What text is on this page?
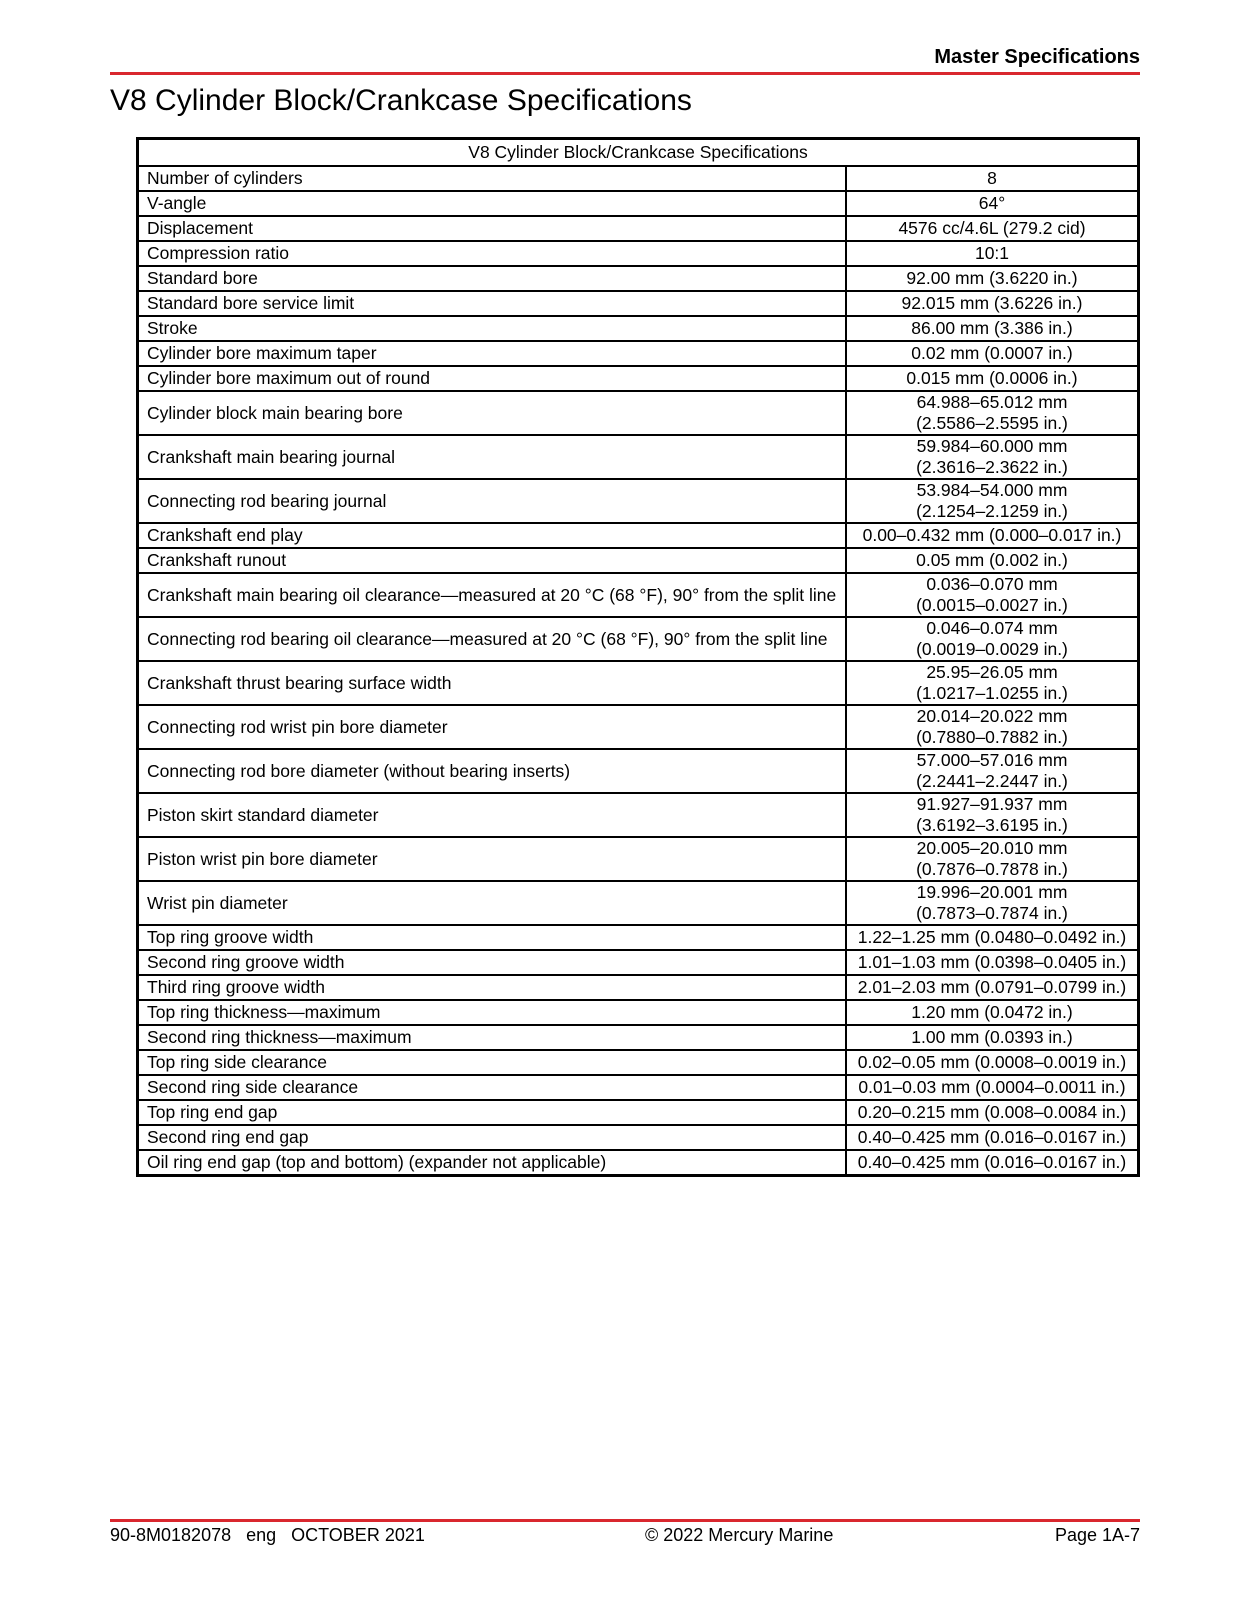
Master Specifications
V8 Cylinder Block/Crankcase Specifications
V8 Cylinder Block/Crankcase Specifications	
Number of cylinders	8

V-angle	64°

Displacement	4576 cc/4.6L (279.2 cid)

Compression ratio	10:1

Standard bore	92.00 mm (3.6220 in.)

Standard bore service limit	92.015 mm (3.6226 in.)

Stroke	86.00 mm (3.386 in.)

Cylinder bore maximum taper	0.02 mm (0.0007 in.)

Cylinder bore maximum out of round	0.015 mm (0.0006 in.)

Cylinder block main bearing bore	64.988–65.012 mm
(2.5586–2.5595 in.)

Crankshaft main bearing journal	59.984–60.000 mm
(2.3616–2.3622 in.)

Connecting rod bearing journal	53.984–54.000 mm
(2.1254–2.1259 in.)

Crankshaft end play	0.00–0.432 mm (0.000–0.017 in.)

Crankshaft runout	0.05 mm (0.002 in.)

Crankshaft main bearing oil clearance—measured at 20 °C (68 °F), 90° from the split line	0.036–0.070 mm
(0.0015–0.0027 in.)

Connecting rod bearing oil clearance—measured at 20 °C (68 °F), 90° from the split line	0.046–0.074 mm
(0.0019–0.0029 in.)

Crankshaft thrust bearing surface width	25.95–26.05 mm
(1.0217–1.0255 in.)

Connecting rod wrist pin bore diameter	20.014–20.022 mm
(0.7880–0.7882 in.)

Connecting rod bore diameter (without bearing inserts)	57.000–57.016 mm
(2.2441–2.2447 in.)

Piston skirt standard diameter	91.927–91.937 mm
(3.6192–3.6195 in.)

Piston wrist pin bore diameter	20.005–20.010 mm
(0.7876–0.7878 in.)

Wrist pin diameter	19.996–20.001 mm
(0.7873–0.7874 in.)

Top ring groove width	1.22–1.25 mm (0.0480–0.0492 in.)

Second ring groove width	1.01–1.03 mm (0.0398–0.0405 in.)

Third ring groove width	2.01–2.03 mm (0.0791–0.0799 in.)

Top ring thickness—maximum	1.20 mm (0.0472 in.)

Second ring thickness—maximum	1.00 mm (0.0393 in.)

Top ring side clearance	0.02–0.05 mm (0.0008–0.0019 in.)

Second ring side clearance	0.01–0.03 mm (0.0004–0.0011 in.)

Top ring end gap	0.20–0.215 mm (0.008–0.0084 in.)

Second ring end gap	0.40–0.425 mm (0.016–0.0167 in.)

Oil ring end gap (top and bottom) (expander not applicable)	0.40–0.425 mm (0.016–0.0167 in.)
90-8M0182078   eng   OCTOBER 2021	© 2022 Mercury Marine	Page 1A-7
